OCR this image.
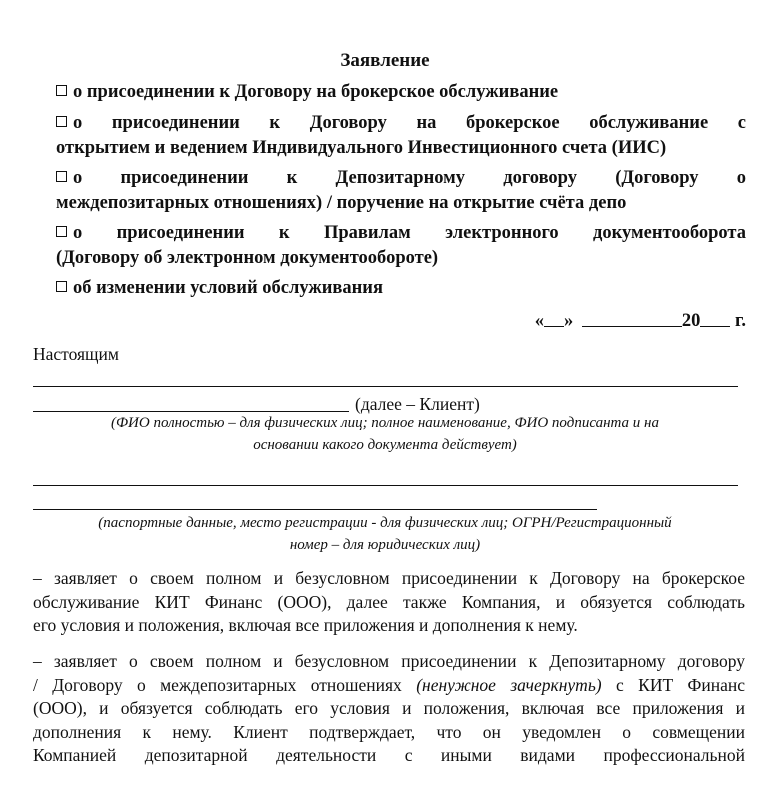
Заявление
о присоединении к Договору на брокерское обслуживание
о присоединении к Договору на брокерское обслуживание с
открытием и ведением Индивидуального Инвестиционного счета (ИИС)
о присоединении к Депозитарному договору (Договору о
междепозитарных отношениях) / поручение на открытие счёта депо
о присоединении к Правилам электронного документооборота
(Договору об электронном документообороте)
об изменении условий обслуживания
« »	20 г.
Настоящим
(далее – Клиент)
(ФИО полностью – для физических лиц; полное наименование, ФИО подписанта и на
основании какого документа действует)
(паспортные данные, место регистрации - для физических лиц; ОГРН/Регистрационный
номер – для юридических лиц)
– заявляет о своем полном и безусловном присоединении к Договору на брокерское
обслуживание КИТ Финанс (ООО), далее также Компания, и обязуется соблюдать
его условия и положения, включая все приложения и дополнения к нему.
– заявляет о своем полном и безусловном присоединении к Депозитарному договору
/ Договору о междепозитарных отношениях (ненужное зачеркнуть) с КИТ Финанс
(ООО), и обязуется соблюдать его условия и положения, включая все приложения и
дополнения к нему. Клиент подтверждает, что он уведомлен о совмещении
Компанией депозитарной деятельности с иными видами профессиональной
